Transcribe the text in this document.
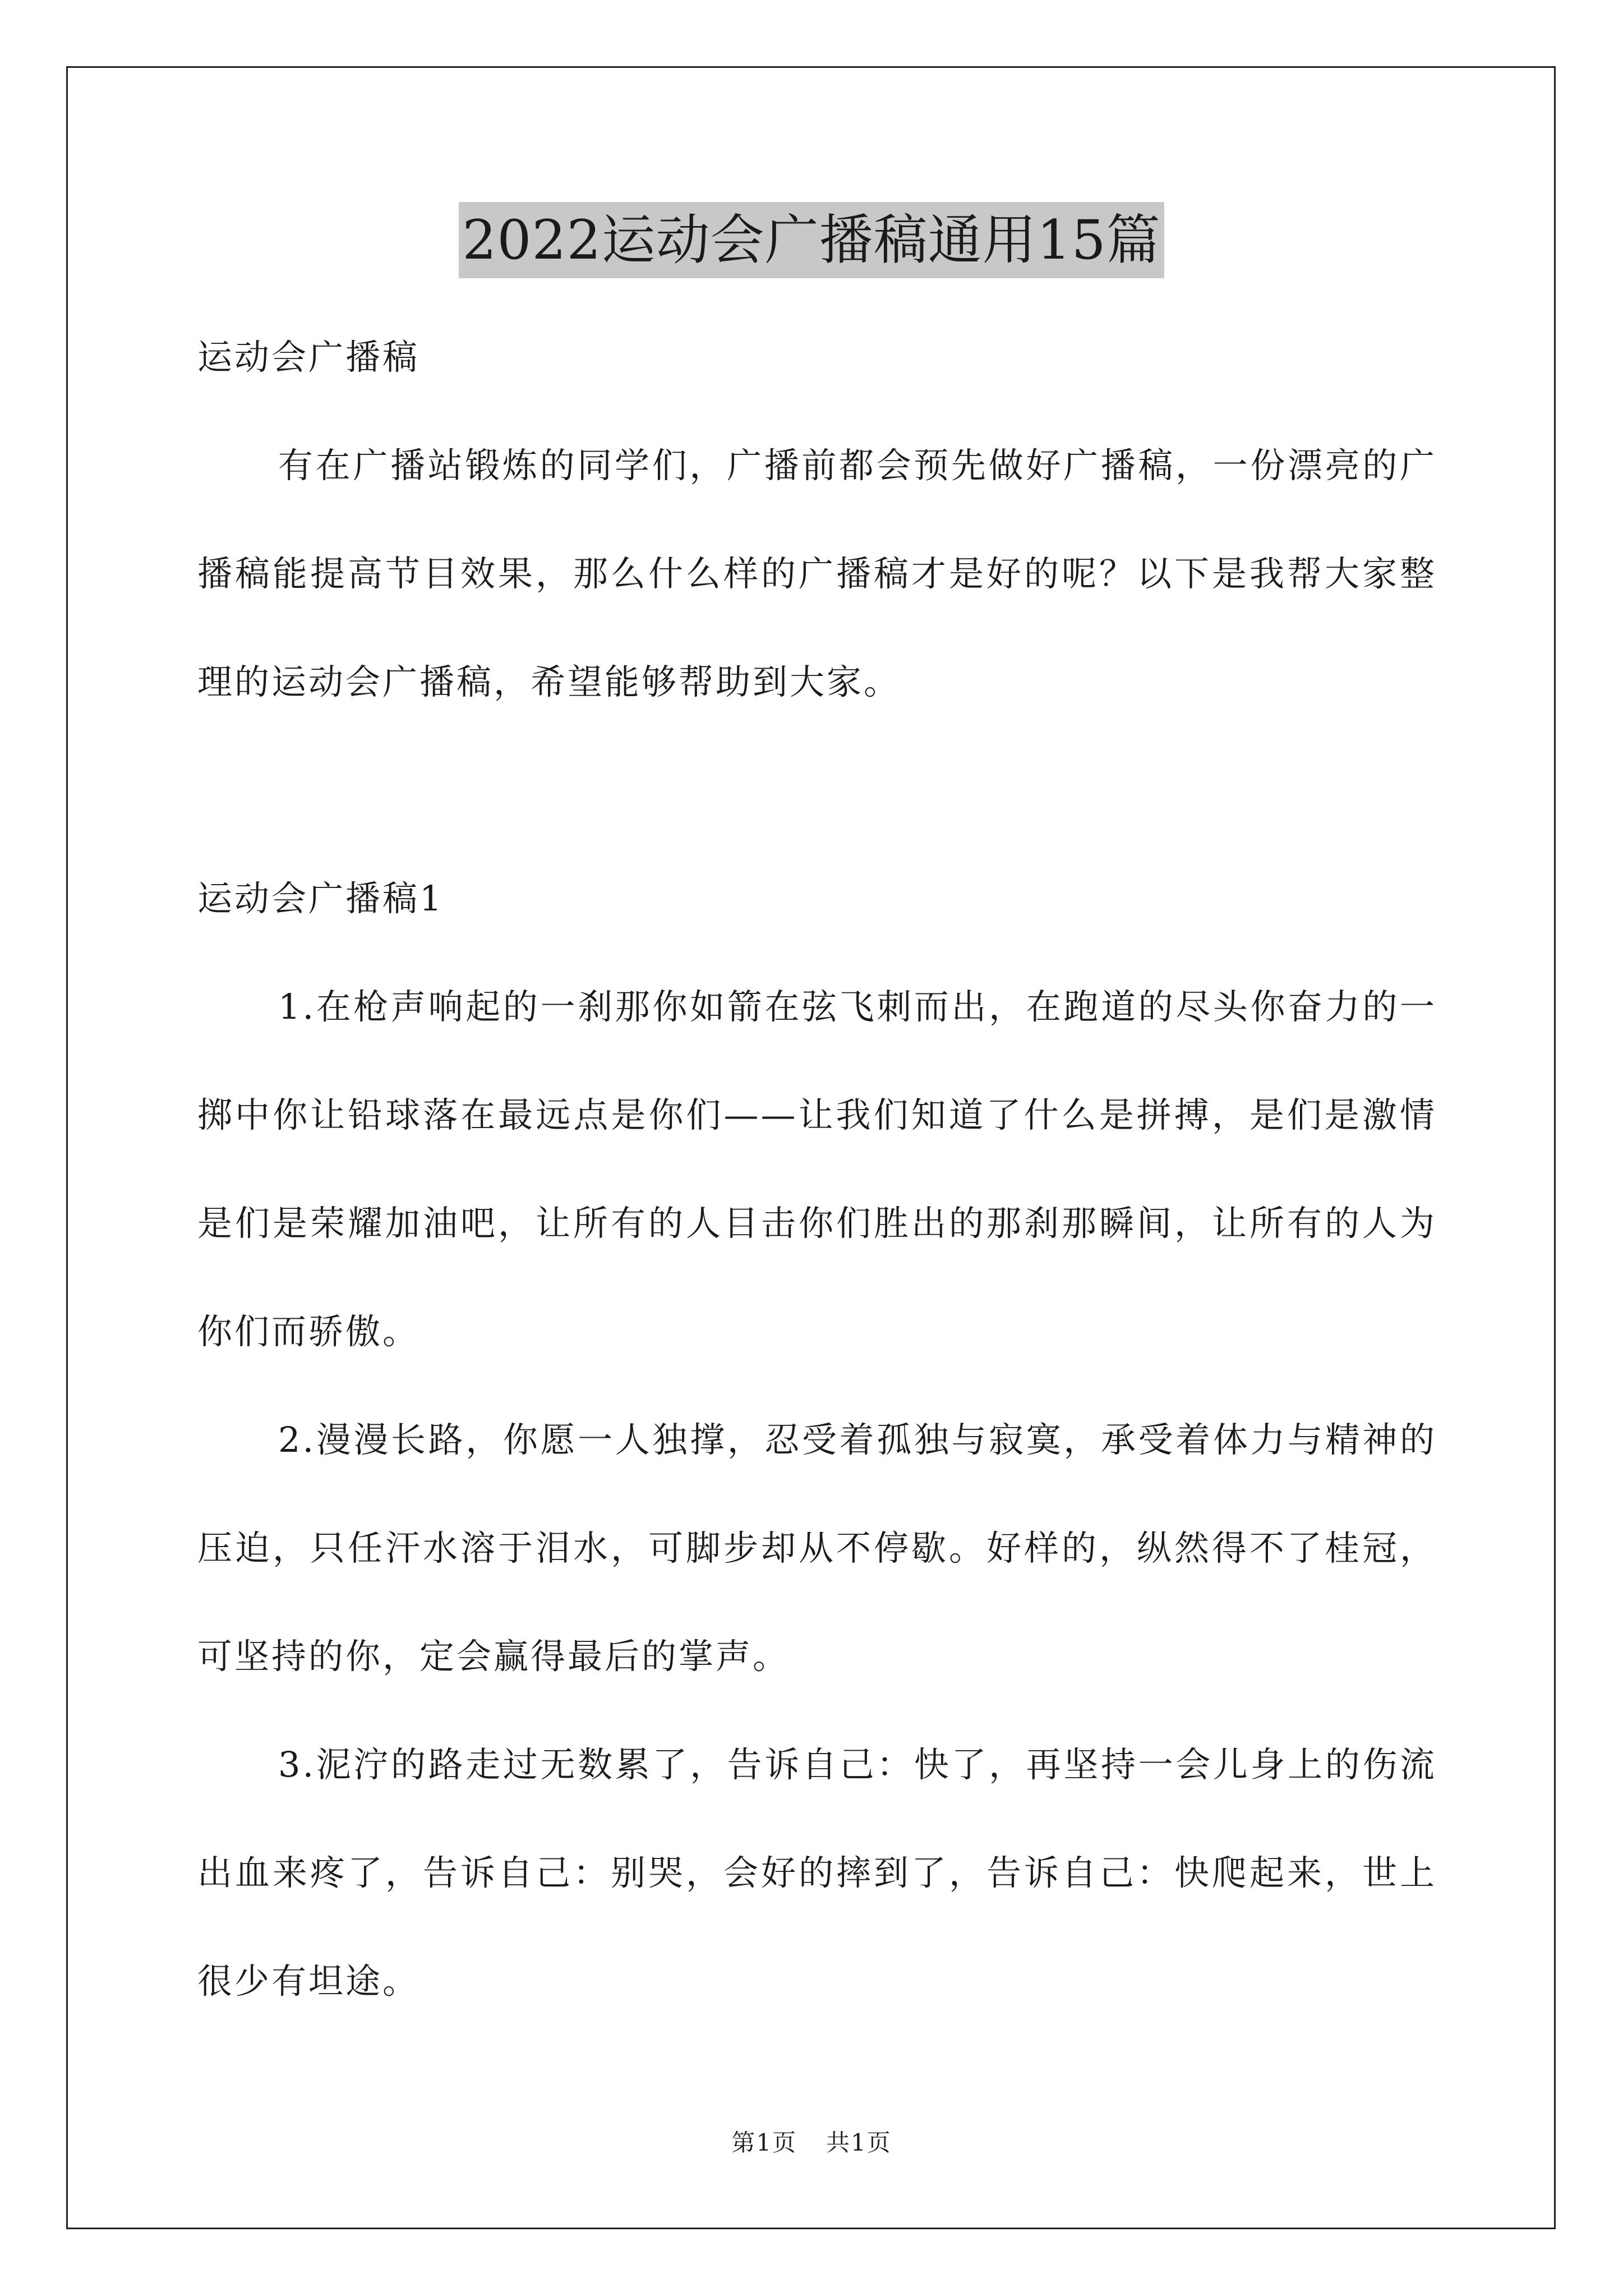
2022运动会广播稿通用15篇

运动会广播稿

有在广播站锻炼的同学们，广播前都会预先做好广播稿，一份漂亮的广播稿能提高节目效果，那么什么样的广播稿才是好的呢？以下是我帮大家整理的运动会广播稿，希望能够帮助到大家。

运动会广播稿1

1.在枪声响起的一刹那你如箭在弦飞刺而出，在跑道的尽头你奋力的一掷中你让铅球落在最远点是你们——让我们知道了什么是拼搏，是们是激情是们是荣耀加油吧，让所有的人目击你们胜出的那刹那瞬间，让所有的人为你们而骄傲。

2.漫漫长路，你愿一人独撑，忍受着孤独与寂寞，承受着体力与精神的压迫，只任汗水溶于泪水，可脚步却从不停歇。好样的，纵然得不了桂冠，可坚持的你，定会赢得最后的掌声。

3.泥泞的路走过无数累了，告诉自己：快了，再坚持一会儿身上的伤流出血来疼了，告诉自己：别哭，会好的摔到了，告诉自己：快爬起来，世上很少有坦途。

第1页 共1页
